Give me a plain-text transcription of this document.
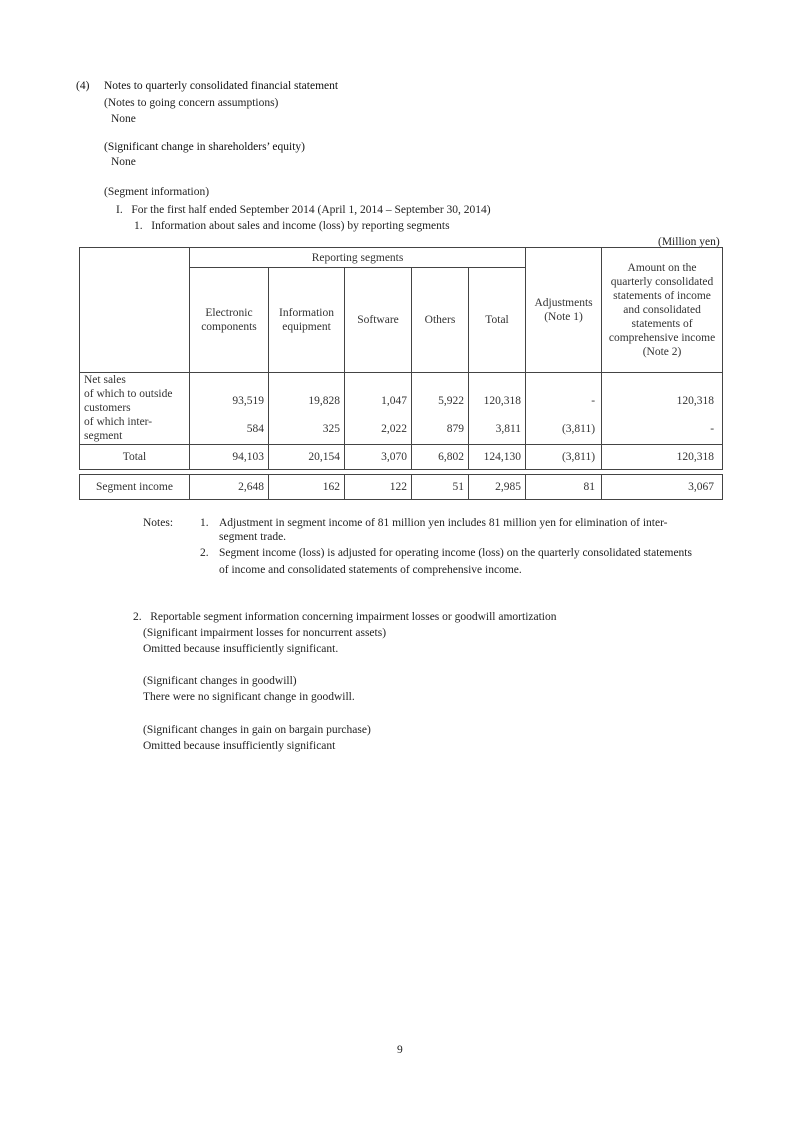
(4) Notes to quarterly consolidated financial statement
(Notes to going concern assumptions)
None
(Significant change in shareholders’ equity)
None
(Segment information)
I.   For the first half ended September 2014 (April 1, 2014 – September 30, 2014)
1.   Information about sales and income (loss) by reporting segments
(Million yen)
	Reporting segments					Adjustments (Note 1)	Amount on the quarterly consolidated statements of income and consolidated statements of comprehensive income (Note 2)
	Electronic components	Information equipment	Software	Others	Total		
Net sales							
of which to outside customers	93,519	19,828	1,047	5,922	120,318	-	120,318
of which inter-segment	584	325	2,022	879	3,811	(3,811)	-
Total	94,103	20,154	3,070	6,802	124,130	(3,811)	120,318

Segment income	2,648	162	122	51	2,985	81	3,067
Notes: 1. Adjustment in segment income of 81 million yen includes 81 million yen for elimination of inter-
segment trade.
2. Segment income (loss) is adjusted for operating income (loss) on the quarterly consolidated statements
of income and consolidated statements of comprehensive income.
2.   Reportable segment information concerning impairment losses or goodwill amortization
(Significant impairment losses for noncurrent assets)
Omitted because insufficiently significant.
(Significant changes in goodwill)
There were no significant change in goodwill.
(Significant changes in gain on bargain purchase)
Omitted because insufficiently significant
9
